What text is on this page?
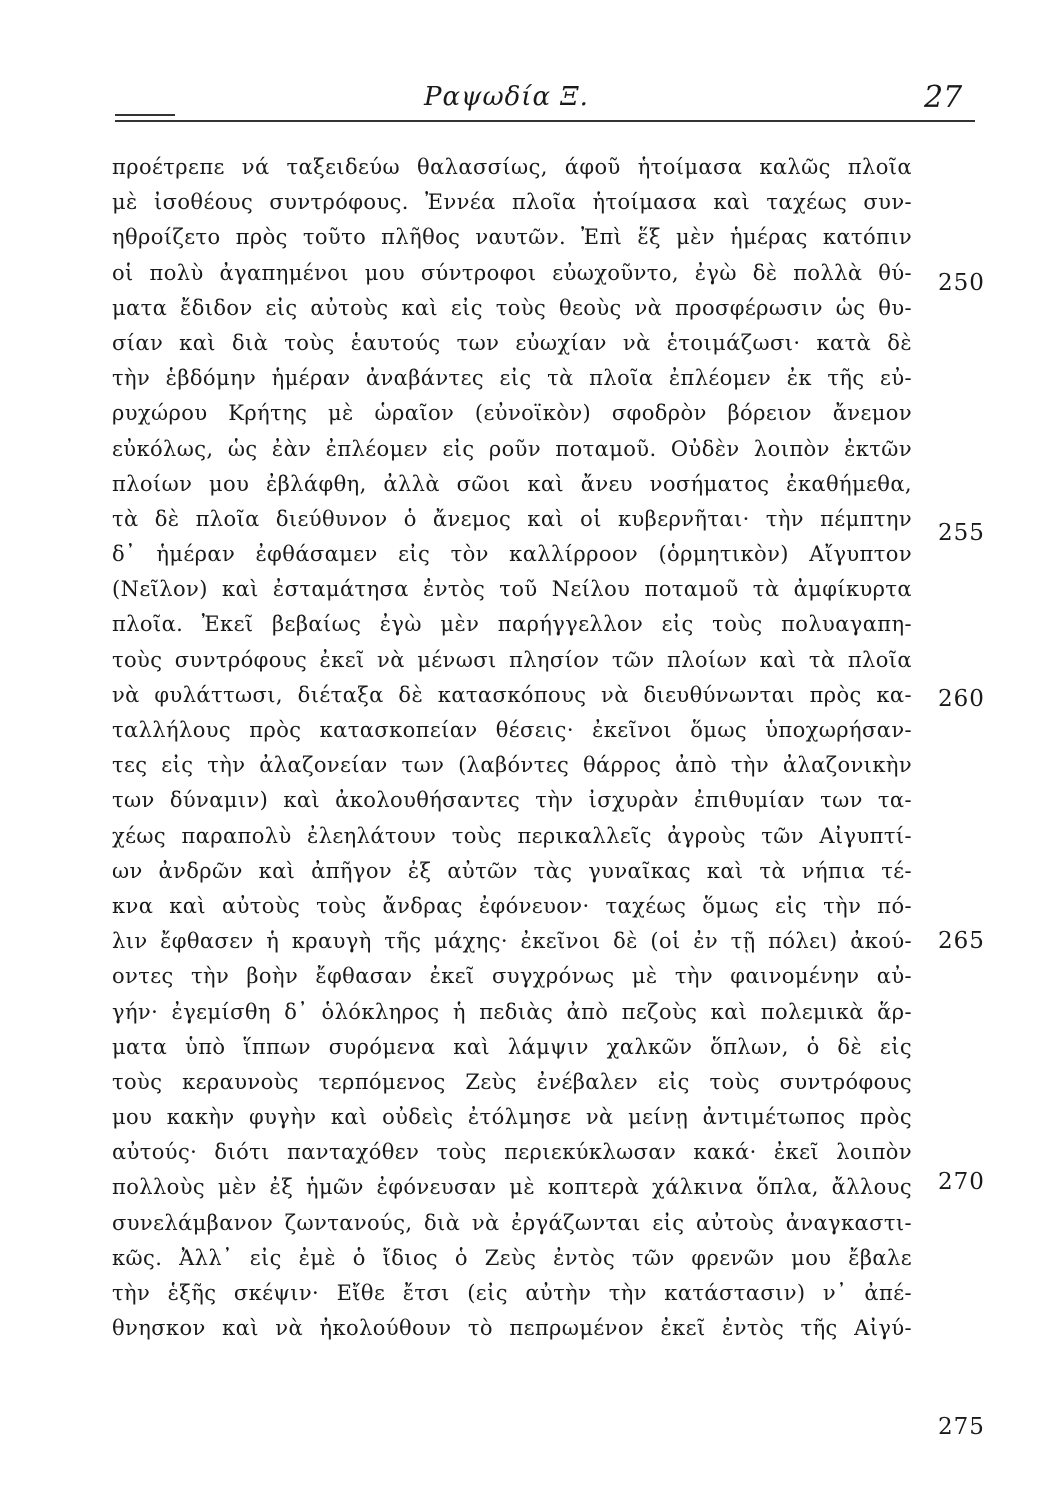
Ραψωδία Ξ.	27
προέτρεπε νά ταξειδεύω θαλασσίως, άφοῦ ἡτοίμασα καλῶς πλοῖα
μὲ ἰσοθέους συντρόφους. Ἐννέα πλοῖα ἡτοίμασα καὶ ταχέως συν-
ηθροίζετο πρὸς τοῦτο πλῆθος ναυτῶν. Ἐπὶ ἕξ μὲν ἡμέρας κατόπιν
οἱ πολὺ ἀγαπημένοι μου σύντροφοι εὐωχοῦντο, ἐγὼ δὲ πολλὰ θύ-
ματα ἔδιδον εἰς αὐτοὺς καὶ εἰς τοὺς θεοὺς νὰ προσφέρωσιν ὡς θυ-
σίαν καὶ διὰ τοὺς ἑαυτούς των εὐωχίαν νὰ ἑτοιμάζωσι· κατὰ δὲ
τὴν ἑβδόμην ἡμέραν ἀναβάντες εἰς τὰ πλοῖα ἐπλέομεν ἐκ τῆς εὐ-
ρυχώρου Κρήτης μὲ ὡραῖον (εὐνοϊκὸν) σφοδρὸν βόρειον ἄνεμον
εὐκόλως, ὡς ἐὰν ἐπλέομεν εἰς ροῦν ποταμοῦ. Οὐδὲν λοιπὸν ἐκτῶν
πλοίων μου ἐβλάφθη, ἀλλὰ σῶοι καὶ ἄνευ νοσήματος ἐκαθήμεθα,
τὰ δὲ πλοῖα διεύθυνον ὁ ἄνεμος καὶ οἱ κυβερνῆται· τὴν πέμπτην
δ᾽ ἡμέραν ἐφθάσαμεν εἰς τὸν καλλίρροον (ὁρμητικὸν) Αἴγυπτον
(Νεῖλον) καὶ ἐσταμάτησα ἐντὸς τοῦ Νείλου ποταμοῦ τὰ ἀμφίκυρτα
πλοῖα. Ἐκεῖ βεβαίως ἐγὼ μὲν παρήγγελλον εἰς τοὺς πολυαγαπη-
τοὺς συντρόφους ἐκεῖ νὰ μένωσι πλησίον τῶν πλοίων καὶ τὰ πλοῖα
νὰ φυλάττωσι, διέταξα δὲ κατασκόπους νὰ διευθύνωνται πρὸς κα-
ταλλήλους πρὸς κατασκοπείαν θέσεις· ἐκεῖνοι ὅμως ὑποχωρήσαν-
τες εἰς τὴν ἀλαζονείαν των (λαβόντες θάρρος ἀπὸ τὴν ἀλαζονικὴν
των δύναμιν) καὶ ἀκολουθήσαντες τὴν ἰσχυρὰν ἐπιθυμίαν των τα-
χέως παραπολὺ ἐλεηλάτουν τοὺς περικαλλεῖς ἀγροὺς τῶν Αἰγυπτί-
ων ἀνδρῶν καὶ ἀπῆγον ἐξ αὐτῶν τὰς γυναῖκας καὶ τὰ νήπια τέ-
κνα καὶ αὐτοὺς τοὺς ἄνδρας ἐφόνευον· ταχέως ὅμως εἰς τὴν πό-
λιν ἔφθασεν ἡ κραυγὴ τῆς μάχης· ἐκεῖνοι δὲ (οἱ ἐν τῇ πόλει) ἀκού-
οντες τὴν βοὴν ἔφθασαν ἐκεῖ συγχρόνως μὲ τὴν φαινομένην αὐ-
γήν· ἐγεμίσθη δ᾽ ὁλόκληρος ἡ πεδιὰς ἀπὸ πεζοὺς καὶ πολεμικὰ ἅρ-
ματα ὑπὸ ἵππων συρόμενα καὶ λάμψιν χαλκῶν ὅπλων, ὁ δὲ εἰς
τοὺς κεραυνοὺς τερπόμενος Ζεὺς ἐνέβαλεν εἰς τοὺς συντρόφους
μου κακὴν φυγὴν καὶ οὐδεὶς ἐτόλμησε νὰ μείνῃ ἀντιμέτωπος πρὸς
αὐτούς· διότι πανταχόθεν τοὺς περιεκύκλωσαν κακά· ἐκεῖ λοιπὸν
πολλοὺς μὲν ἐξ ἡμῶν ἐφόνευσαν μὲ κοπτερὰ χάλκινα ὅπλα, ἄλλους
συνελάμβανον ζωντανούς, διὰ νὰ ἐργάζωνται εἰς αὐτοὺς ἀναγκαστι-
κῶς. Ἀλλ᾽ εἰς ἐμὲ ὁ ἴδιος ὁ Ζεὺς ἐντὸς τῶν φρενῶν μου ἔβαλε
τὴν ἑξῆς σκέψιν· Εἴθε ἔτσι (εἰς αὐτὴν τὴν κατάστασιν) ν᾽ ἀπέ-
θνησκον καὶ νὰ ἠκολούθουν τὸ πεπρωμένον ἐκεῖ ἐντὸς τῆς Αἰγύ-
250
255
260
265
270
275
